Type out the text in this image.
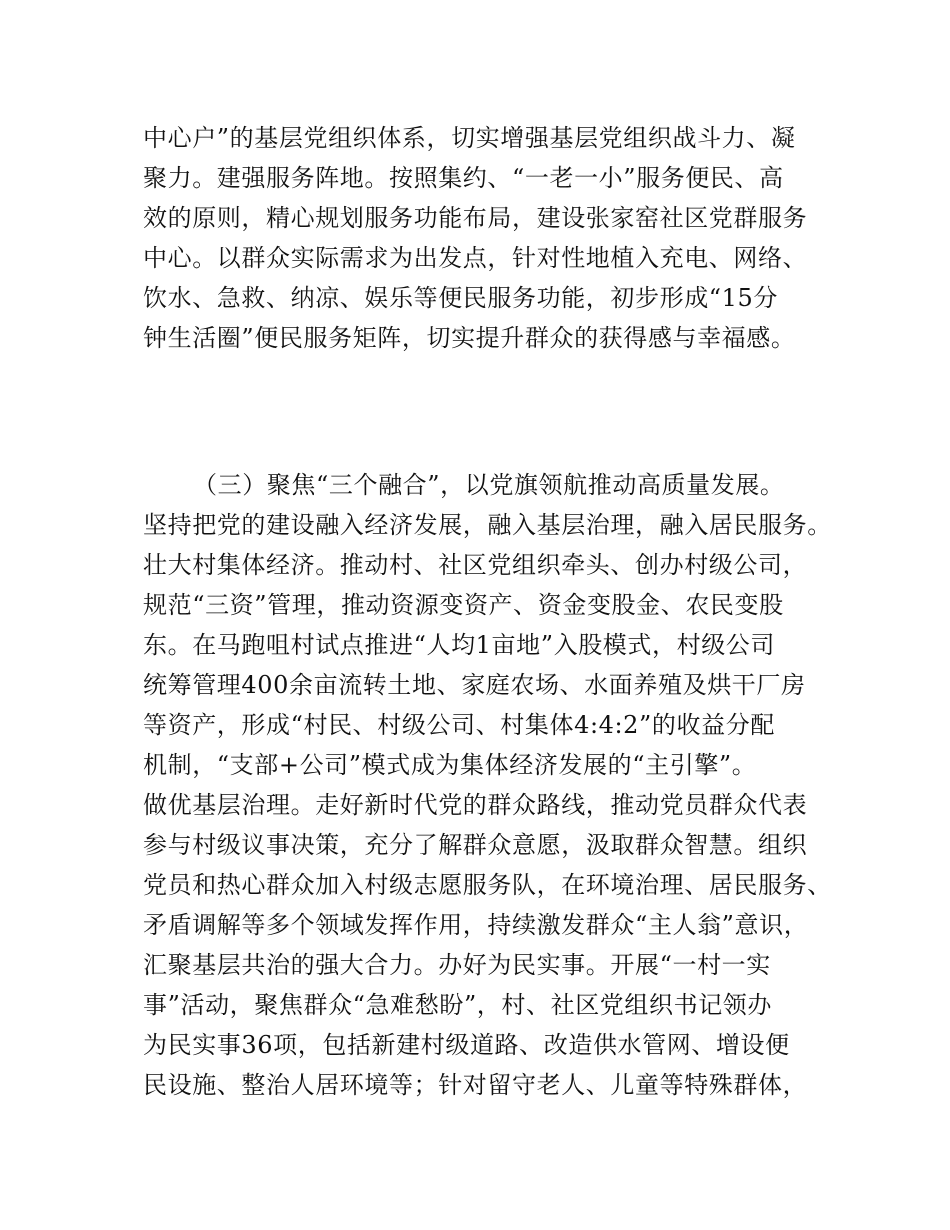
中心户”的基层党组织体系，切实增强基层党组织战斗力、凝
聚力。建强服务阵地。按照集约、“一老一小”服务便民、高
效的原则，精心规划服务功能布局，建设张家窑社区党群服务
中心。以群众实际需求为出发点，针对性地植入充电、网络、
饮水、急救、纳凉、娱乐等便民服务功能，初步形成“15分
钟生活圈”便民服务矩阵，切实提升群众的获得感与幸福感。
（三）聚焦“三个融合”，以党旗领航推动高质量发展。
坚持把党的建设融入经济发展，融入基层治理，融入居民服务。
壮大村集体经济。推动村、社区党组织牵头、创办村级公司，
规范“三资”管理，推动资源变资产、资金变股金、农民变股
东。在马跑咀村试点推进“人均1亩地”入股模式，村级公司
统筹管理400余亩流转土地、家庭农场、水面养殖及烘干厂房
等资产，形成“村民、村级公司、村集体4:4:2”的收益分配
机制，“支部+公司”模式成为集体经济发展的“主引擎”。
做优基层治理。走好新时代党的群众路线，推动党员群众代表
参与村级议事决策，充分了解群众意愿，汲取群众智慧。组织
党员和热心群众加入村级志愿服务队，在环境治理、居民服务、
矛盾调解等多个领域发挥作用，持续激发群众“主人翁”意识，
汇聚基层共治的强大合力。办好为民实事。开展“一村一实
事”活动，聚焦群众“急难愁盼”，村、社区党组织书记领办
为民实事36项，包括新建村级道路、改造供水管网、增设便
民设施、整治人居环境等；针对留守老人、儿童等特殊群体，
